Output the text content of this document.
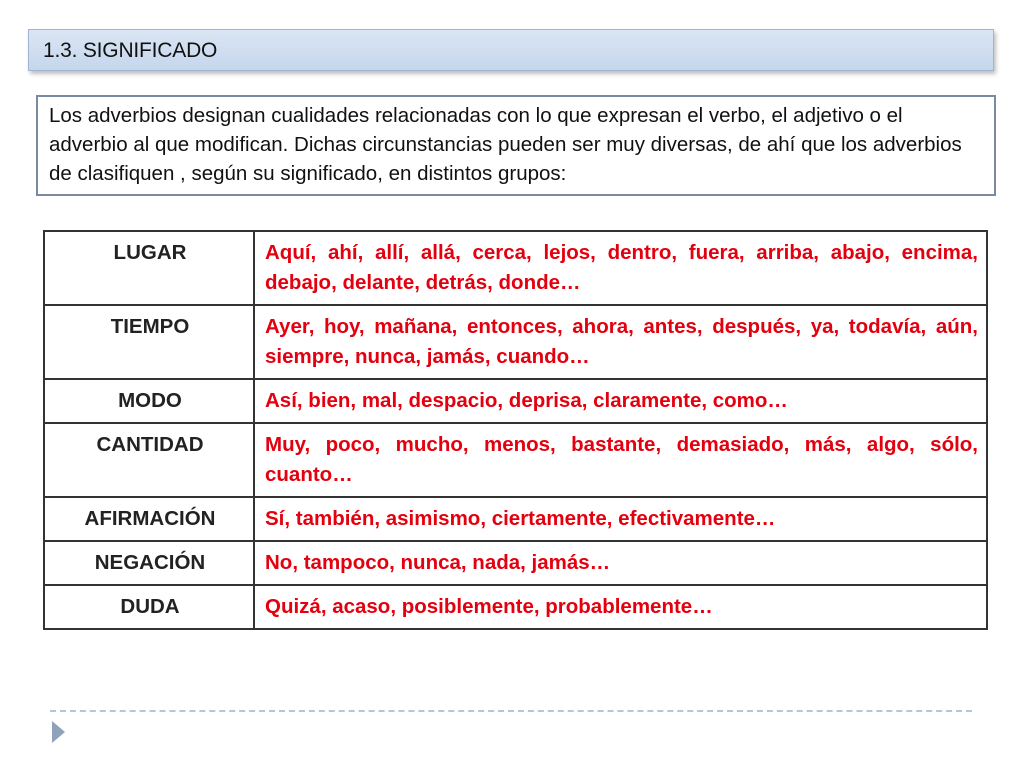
1.3. SIGNIFICADO
Los adverbios designan cualidades relacionadas con lo que expresan el verbo, el adjetivo o el adverbio al que modifican. Dichas circunstancias pueden ser muy diversas, de ahí que los adverbios de clasifiquen , según su significado, en distintos grupos:
LUGAR	Aquí, ahí, allí, allá, cerca, lejos, dentro, fuera, arriba, abajo, encima, debajo, delante, detrás, donde…
TIEMPO	Ayer, hoy, mañana, entonces, ahora, antes, después, ya, todavía, aún, siempre, nunca, jamás, cuando…
MODO	Así, bien, mal, despacio, deprisa, claramente, como…
CANTIDAD	Muy, poco, mucho, menos, bastante, demasiado, más, algo, sólo, cuanto…
AFIRMACIÓN	Sí, también, asimismo, ciertamente, efectivamente…
NEGACIÓN	No, tampoco, nunca, nada, jamás…
DUDA	Quizá, acaso, posiblemente, probablemente…
